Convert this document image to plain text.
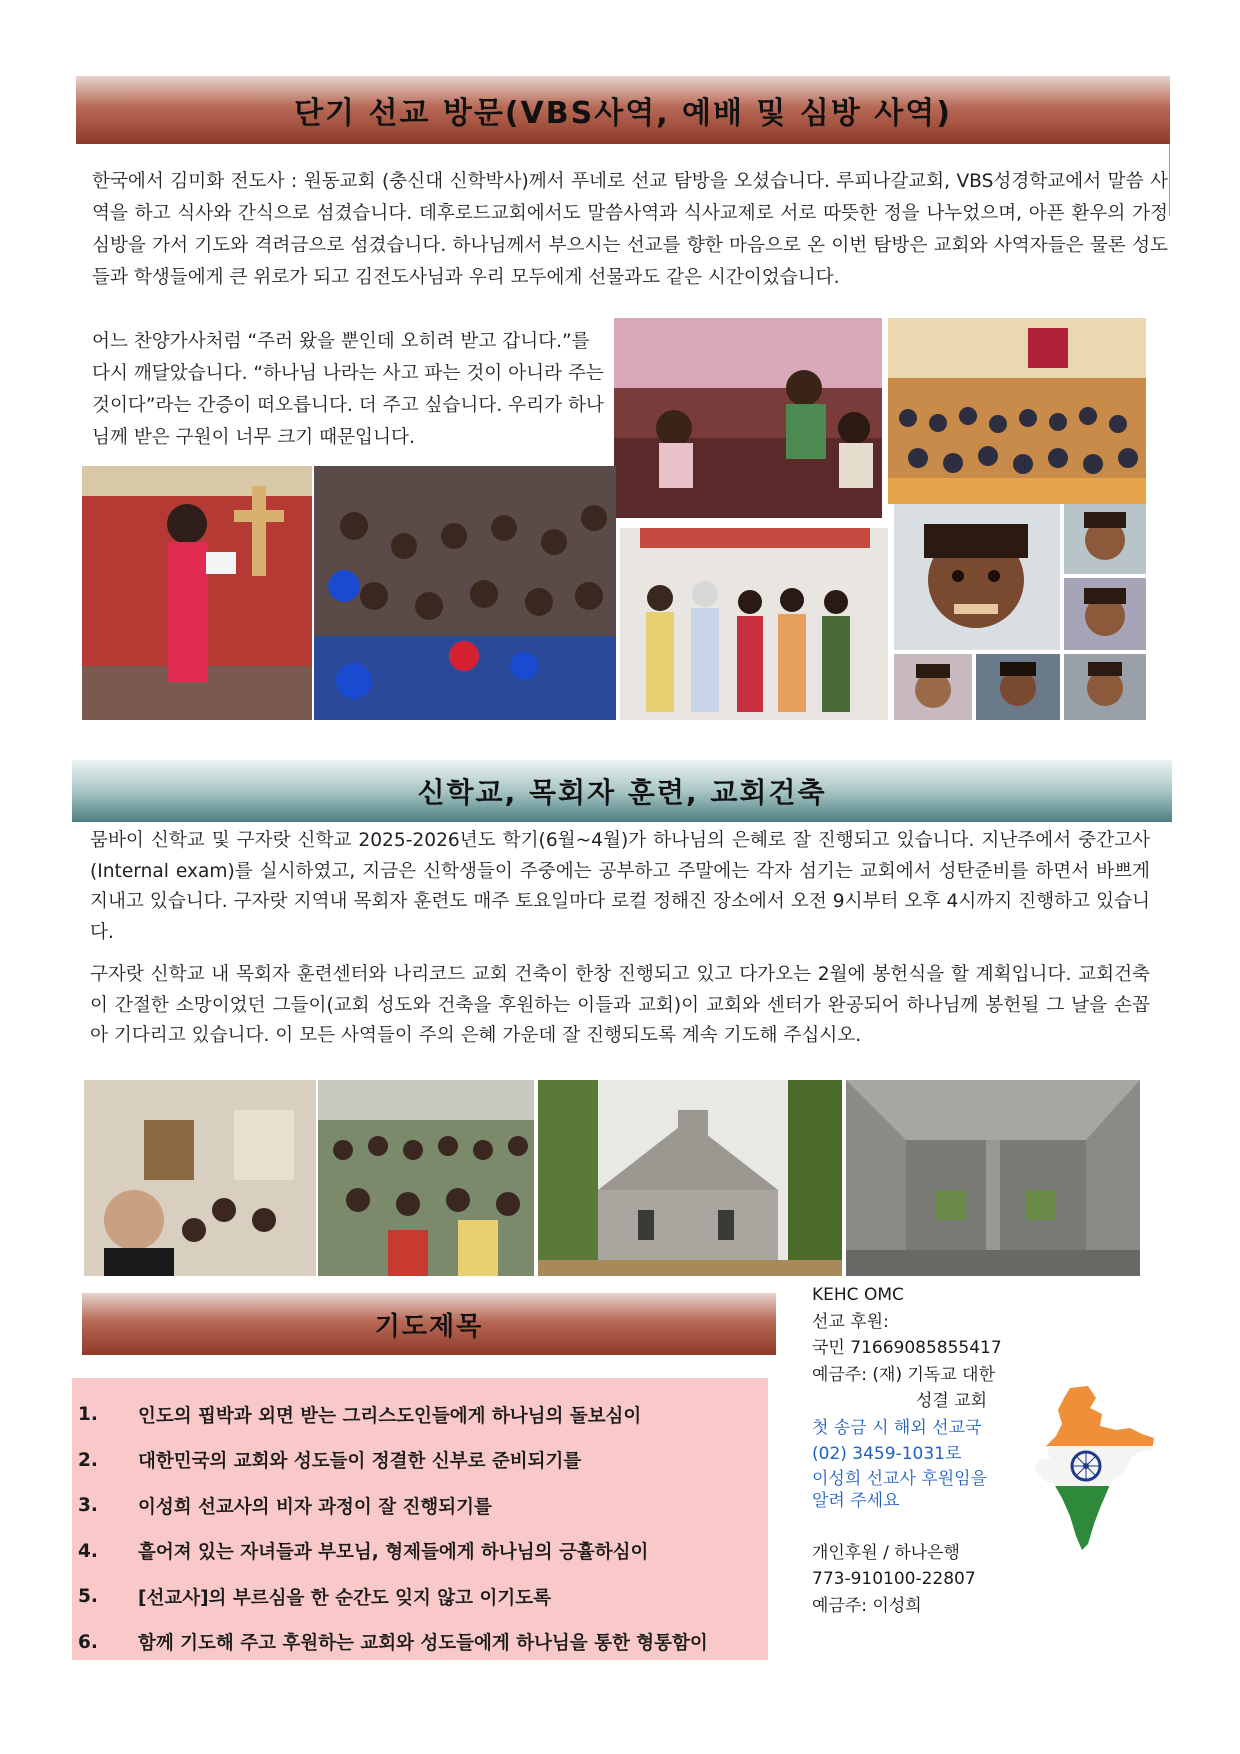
단기 선교 방문(VBS사역, 예배 및 심방 사역)

한국에서 김미화 전도사 : 원동교회 (충신대 신학박사)께서 푸네로 선교 탐방을 오셨습니다. 루피나갈교회, VBS성경학교에서 말씀 사역을 하고 식사와 간식으로 섬겼습니다. 데후로드교회에서도 말씀사역과 식사교제로 서로 따뜻한 정을 나누었으며, 아픈 환우의 가정심방을 가서 기도와 격려금으로 섬겼습니다. 하나님께서 부으시는 선교를 향한 마음으로 온 이번 탐방은 교회와 사역자들은 물론 성도들과 학생들에게 큰 위로가 되고 김전도사님과 우리 모두에게 선물과도 같은 시간이었습니다.

어느 찬양가사처럼 “주러 왔을 뿐인데 오히려 받고 갑니다.”를 다시 깨달았습니다. “하나님 나라는 사고 파는 것이 아니라 주는 것이다”라는 간증이 떠오릅니다. 더 주고 싶습니다. 우리가 하나님께 받은 구원이 너무 크기 때문입니다.

신학교, 목회자 훈련, 교회건축

뭄바이 신학교 및 구자랏 신학교 2025-2026년도 학기(6월~4월)가 하나님의 은혜로 잘 진행되고 있습니다. 지난주에서 중간고사(Internal exam)를 실시하였고, 지금은 신학생들이 주중에는 공부하고 주말에는 각자 섬기는 교회에서 성탄준비를 하면서 바쁘게 지내고 있습니다. 구자랏 지역내 목회자 훈련도 매주 토요일마다 로컬 정해진 장소에서 오전 9시부터 오후 4시까지 진행하고 있습니다.

구자랏 신학교 내 목회자 훈련센터와 나리코드 교회 건축이 한창 진행되고 있고 다가오는 2월에 봉헌식을 할 계획입니다. 교회건축이 간절한 소망이었던 그들이(교회 성도와 건축을 후원하는 이들과 교회)이 교회와 센터가 완공되어 하나님께 봉헌될 그 날을 손꼽아 기다리고 있습니다. 이 모든 사역들이 주의 은혜 가운데 잘 진행되도록 계속 기도해 주십시오.

기도제목
1.	인도의 핍박과 외면 받는 그리스도인들에게 하나님의 돌보심이
2.	대한민국의 교회와 성도들이 정결한 신부로 준비되기를
3.	이성희 선교사의 비자 과정이 잘 진행되기를
4.	흩어져 있는 자녀들과 부모님, 형제들에게 하나님의 긍휼하심이
5.	[선교사]의 부르심을 한 순간도 잊지 않고 이기도록
6.	함께 기도해 주고 후원하는 교회와 성도들에게 하나님을 통한 형통함이
KEHC OMC
선교 후원:
국민 71669085855417
예금주: (재) 기독교 대한
성결 교회
첫 송금 시 해외 선교국
(02) 3459-1031로
이성희 선교사 후원임을
알려 주세요
개인후원 / 하나은행
773-910100-22807
예금주: 이성희
